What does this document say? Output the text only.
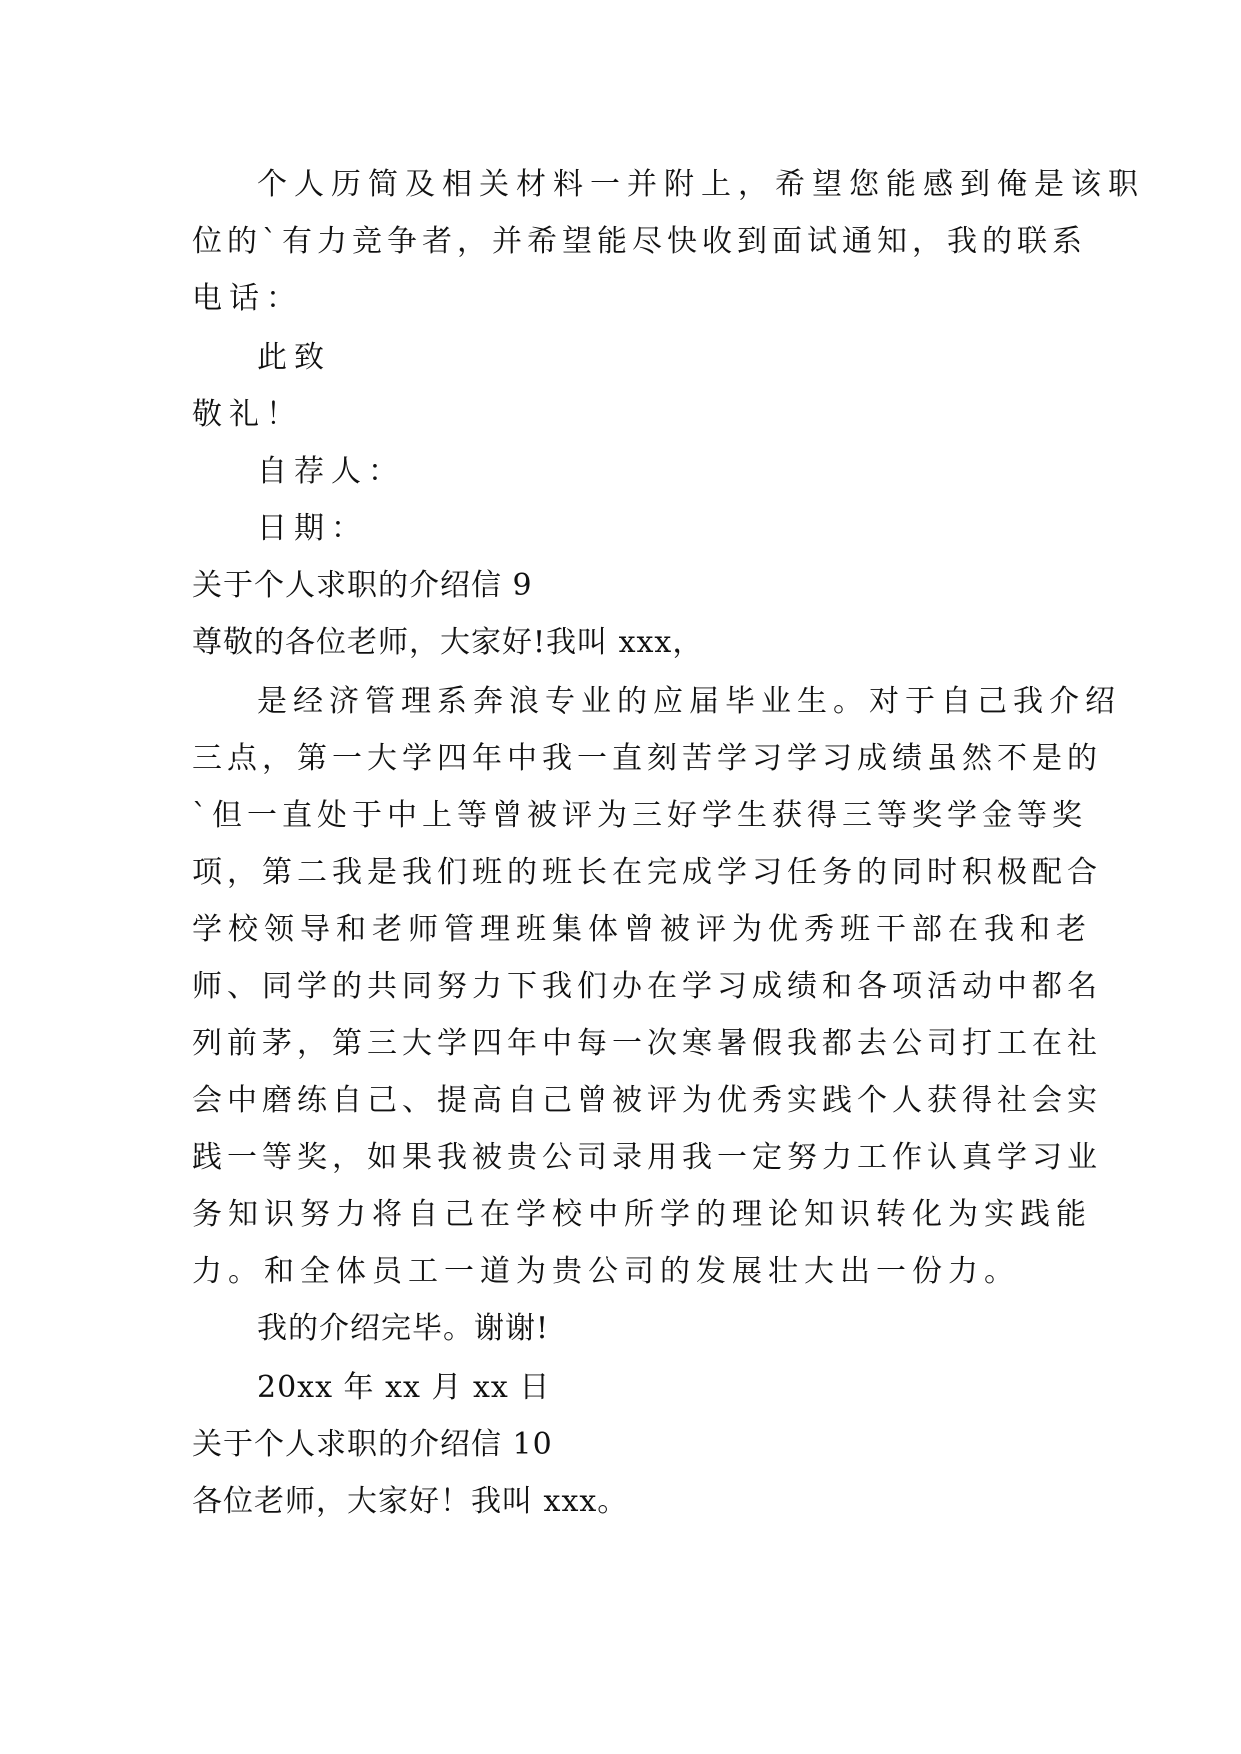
个人历简及相关材料一并附上，希望您能感到俺是该职
位的`有力竞争者，并希望能尽快收到面试通知，我的联系
电话：
此致
敬礼！
自荐人：
日期：
关于个人求职的介绍信 9
尊敬的各位老师，大家好!我叫 xxx，
是经济管理系奔浪专业的应届毕业生。对于自己我介绍
三点，第一大学四年中我一直刻苦学习学习成绩虽然不是的
`但一直处于中上等曾被评为三好学生获得三等奖学金等奖
项，第二我是我们班的班长在完成学习任务的同时积极配合
学校领导和老师管理班集体曾被评为优秀班干部在我和老
师、同学的共同努力下我们办在学习成绩和各项活动中都名
列前茅，第三大学四年中每一次寒暑假我都去公司打工在社
会中磨练自己、提高自己曾被评为优秀实践个人获得社会实
践一等奖，如果我被贵公司录用我一定努力工作认真学习业
务知识努力将自己在学校中所学的理论知识转化为实践能
力。和全体员工一道为贵公司的发展壮大出一份力。
我的介绍完毕。谢谢!
20xx 年 xx 月 xx 日
关于个人求职的介绍信 10
各位老师，大家好！我叫 xxx。
